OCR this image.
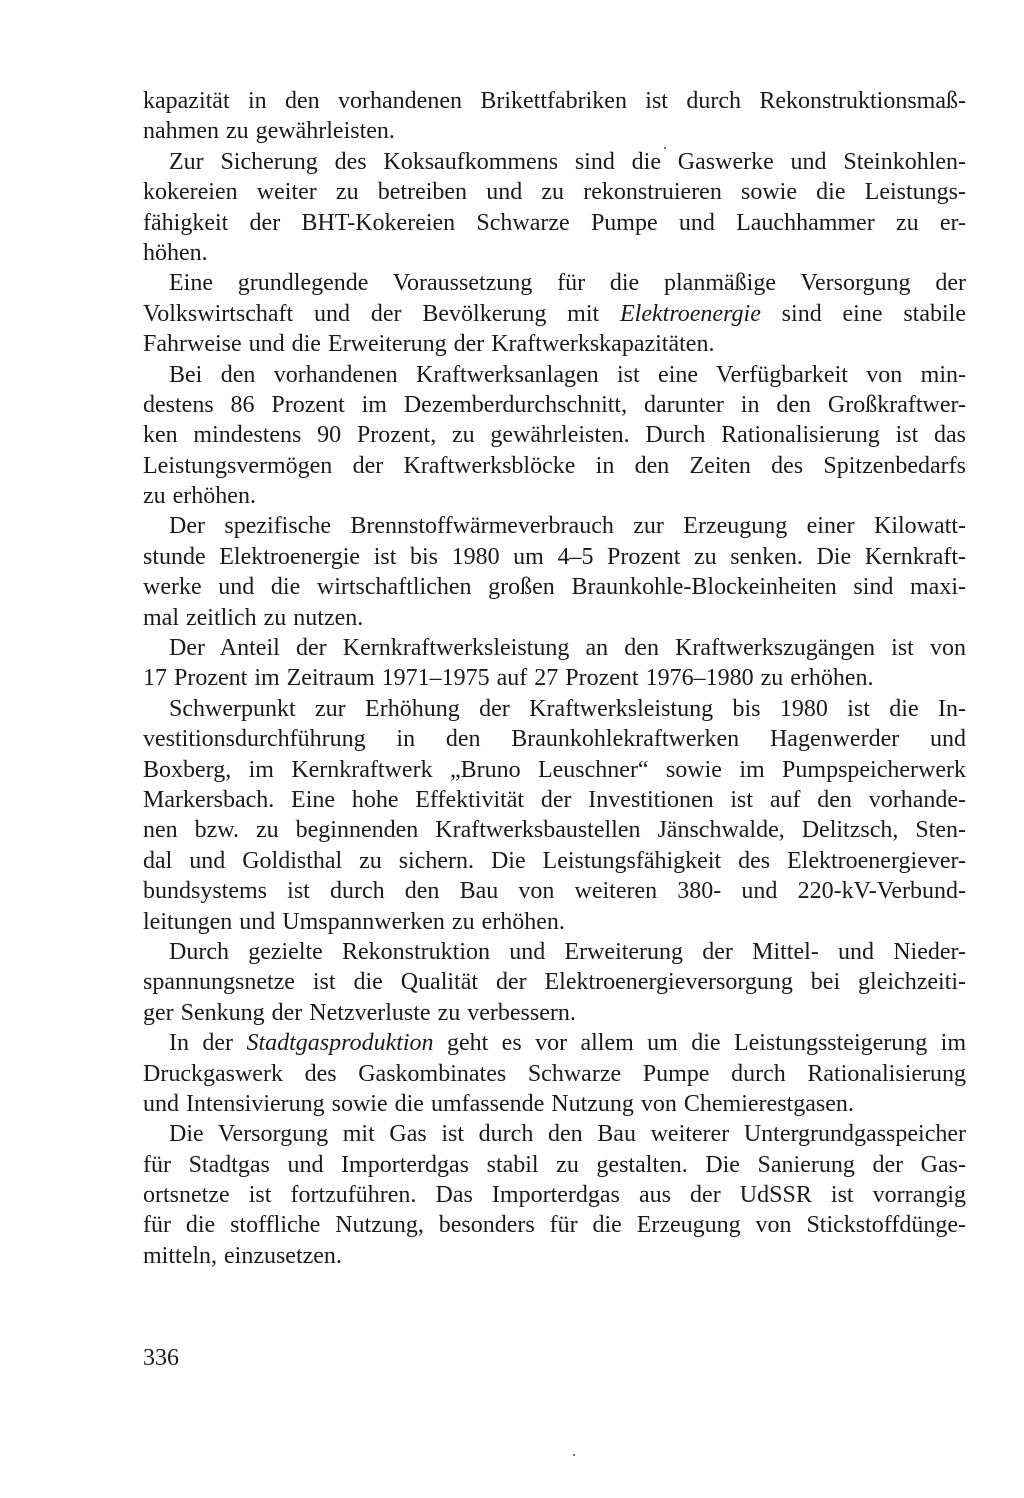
kapazität in den vorhandenen Brikettfabriken ist durch Rekonstruktionsmaß-
nahmen zu gewährleisten.
Zur Sicherung des Koksaufkommens sind die Gaswerke und Steinkohlen-
kokereien weiter zu betreiben und zu rekonstruieren sowie die Leistungs-
fähigkeit der BHT-Kokereien Schwarze Pumpe und Lauchhammer zu er-
höhen.
Eine grundlegende Voraussetzung für die planmäßige Versorgung der
Volkswirtschaft und der Bevölkerung mit Elektroenergie sind eine stabile
Fahrweise und die Erweiterung der Kraftwerkskapazitäten.
Bei den vorhandenen Kraftwerksanlagen ist eine Verfügbarkeit von min-
destens 86 Prozent im Dezemberdurchschnitt, darunter in den Großkraftwer-
ken mindestens 90 Prozent, zu gewährleisten. Durch Rationalisierung ist das
Leistungsvermögen der Kraftwerksblöcke in den Zeiten des Spitzenbedarfs
zu erhöhen.
Der spezifische Brennstoffwärmeverbrauch zur Erzeugung einer Kilowatt-
stunde Elektroenergie ist bis 1980 um 4–5 Prozent zu senken. Die Kernkraft-
werke und die wirtschaftlichen großen Braunkohle-Blockeinheiten sind maxi-
mal zeitlich zu nutzen.
Der Anteil der Kernkraftwerksleistung an den Kraftwerkszugängen ist von
17 Prozent im Zeitraum 1971–1975 auf 27 Prozent 1976–1980 zu erhöhen.
Schwerpunkt zur Erhöhung der Kraftwerksleistung bis 1980 ist die In-
vestitionsdurchführung in den Braunkohlekraftwerken Hagenwerder und
Boxberg, im Kernkraftwerk „Bruno Leuschner“ sowie im Pumpspeicherwerk
Markersbach. Eine hohe Effektivität der Investitionen ist auf den vorhande-
nen bzw. zu beginnenden Kraftwerksbaustellen Jänschwalde, Delitzsch, Sten-
dal und Goldisthal zu sichern. Die Leistungsfähigkeit des Elektroenergiever-
bundsystems ist durch den Bau von weiteren 380- und 220-kV-Verbund-
leitungen und Umspannwerken zu erhöhen.
Durch gezielte Rekonstruktion und Erweiterung der Mittel- und Nieder-
spannungsnetze ist die Qualität der Elektroenergieversorgung bei gleichzeiti-
ger Senkung der Netzverluste zu verbessern.
In der Stadtgasproduktion geht es vor allem um die Leistungssteigerung im
Druckgaswerk des Gaskombinates Schwarze Pumpe durch Rationalisierung
und Intensivierung sowie die umfassende Nutzung von Chemierestgasen.
Die Versorgung mit Gas ist durch den Bau weiterer Untergrundgasspeicher
für Stadtgas und Importerdgas stabil zu gestalten. Die Sanierung der Gas-
ortsnetze ist fortzuführen. Das Importerdgas aus der UdSSR ist vorrangig
für die stoffliche Nutzung, besonders für die Erzeugung von Stickstoffdünge-
mitteln, einzusetzen.
336
